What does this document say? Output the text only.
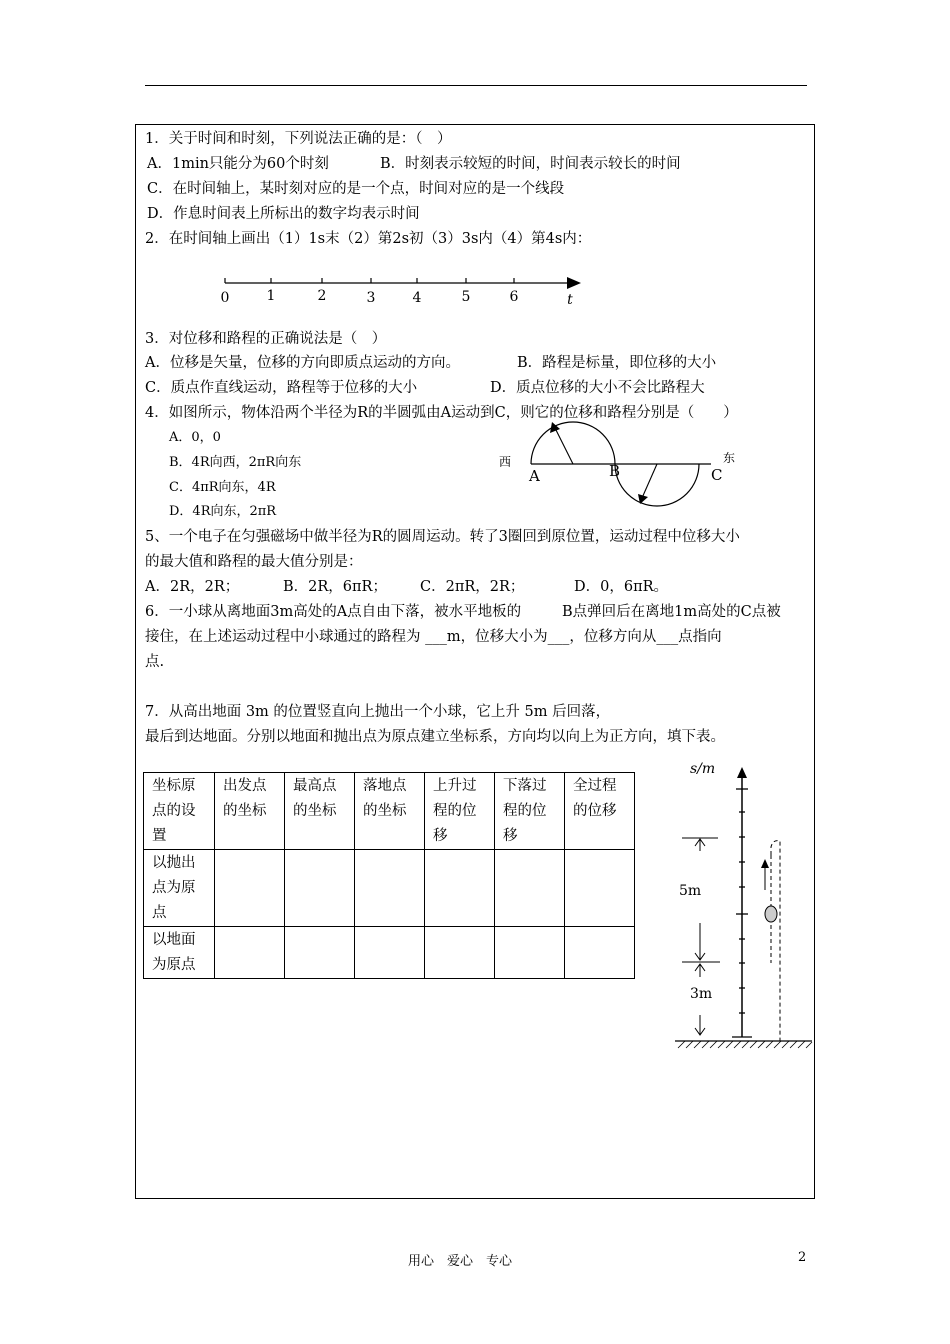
1．关于时间和时刻，下列说法正确的是：（　）
A．1min只能分为60个时刻	B．时刻表示较短的时间，时间表示较长的时间
C．在时间轴上，某时刻对应的是一个点，时间对应的是一个线段
D．作息时间表上所标出的数字均表示时间
2．在时间轴上画出（1）1s末（2）第2s初（3）3s内（4）第4s内：
0	1	2	3	4	5	6	t
3．对位移和路程的正确说法是（　）
A．位移是矢量，位移的方向即质点运动的方向。	B．路程是标量，即位移的大小
C．质点作直线运动，路程等于位移的大小	D．质点位移的大小不会比路程大
4．如图所示，物体沿两个半径为R的半圆弧由A运动到C，则它的位移和路程分别是（　　）
A．0，0
B．4R向西，2πR向东
C．4πR向东，4R
D．4R向东，2πR
西
A	B	C
东
5、一个电子在匀强磁场中做半径为R的圆周运动。转了3圈回到原位置，运动过程中位移大小
的最大值和路程的最大值分别是：
A．2R，2R；	B．2R，6πR； C．2πR，2R；	D．0，6πR。
6．一小球从离地面3m高处的A点自由下落，被水平地板的	B点弹回后在离地1m高处的C点被
接住，在上述运动过程中小球通过的路程为 ___m，位移大小为___，位移方向从___点指向
点.
7．从高出地面 3m 的位置竖直向上抛出一个小球，它上升 5m 后回落，
最后到达地面。分别以地面和抛出点为原点建立坐标系，方向均以向上为正方向，填下表。
坐标原
点的设
置	出发点
的坐标	最高点
的坐标	落地点
的坐标	上升过
程的位
移	下落过
程的位
移	全过程
的位移
以抛出
点为原
点						
以地面
为原点						
s/m
5m
3m
用心　爱心　专心	2
